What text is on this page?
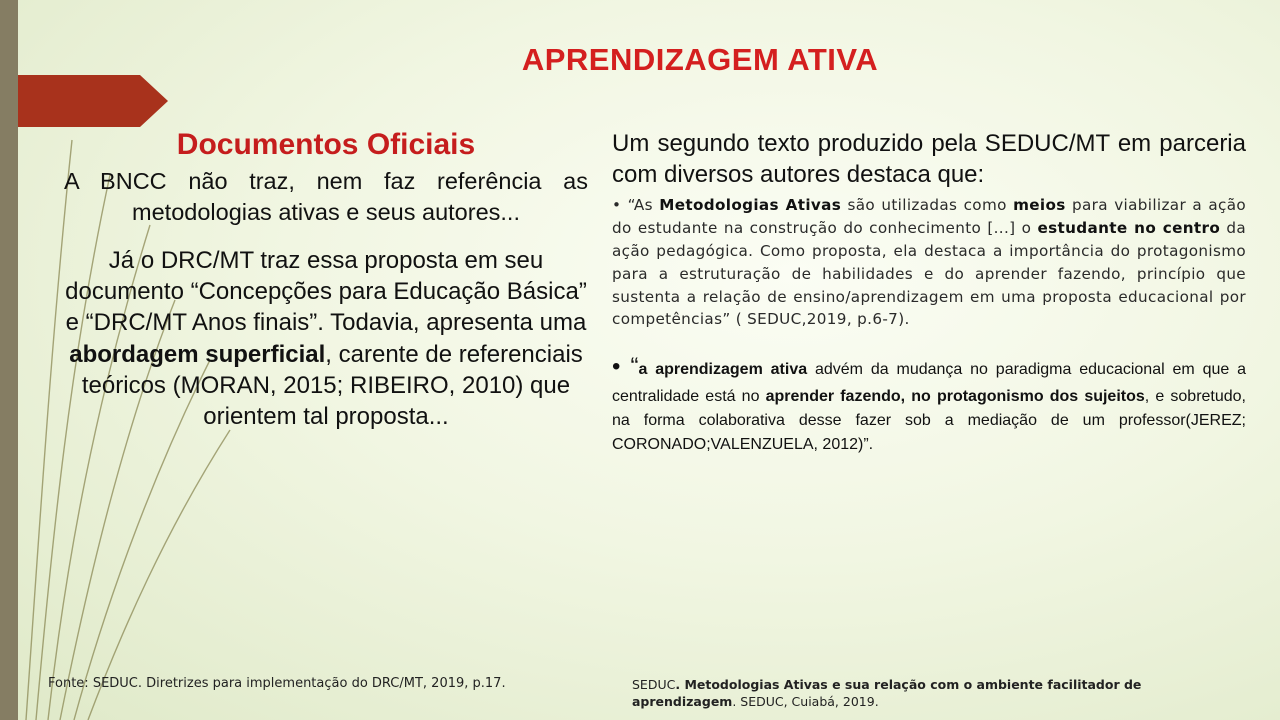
APRENDIZAGEM ATIVA
Documentos Oficiais

A BNCC não traz, nem faz referência as metodologias ativas e seus autores...

Já o DRC/MT traz essa proposta em seu documento “Concepções para Educação Básica” e “DRC/MT Anos finais”. Todavia, apresenta uma abordagem superficial, carente de referenciais teóricos (MORAN, 2015; RIBEIRO, 2010) que orientem tal proposta...

Um segundo texto produzido pela SEDUC/MT em parceria com diversos autores destaca que:

• “As Metodologias Ativas são utilizadas como meios para viabilizar a ação do estudante na construção do conhecimento [...] o estudante no centro da ação pedagógica. Como proposta, ela destaca a importância do protagonismo para a estruturação de habilidades e do aprender fazendo, princípio que sustenta a relação de ensino/aprendizagem em uma proposta educacional por competências” ( SEDUC,2019, p.6-7).

• “a aprendizagem ativa advém da mudança no paradigma educacional em que a centralidade está no aprender fazendo, no protagonismo dos sujeitos, e sobretudo, na forma colaborativa desse fazer sob a mediação de um professor(JEREZ; CORONADO;VALENZUELA, 2012)”.

Fonte: SEDUC. Diretrizes para implementação do DRC/MT, 2019, p.17.	SEDUC. Metodologias Ativas e sua relação com o ambiente facilitador de aprendizagem. SEDUC, Cuiabá, 2019.
